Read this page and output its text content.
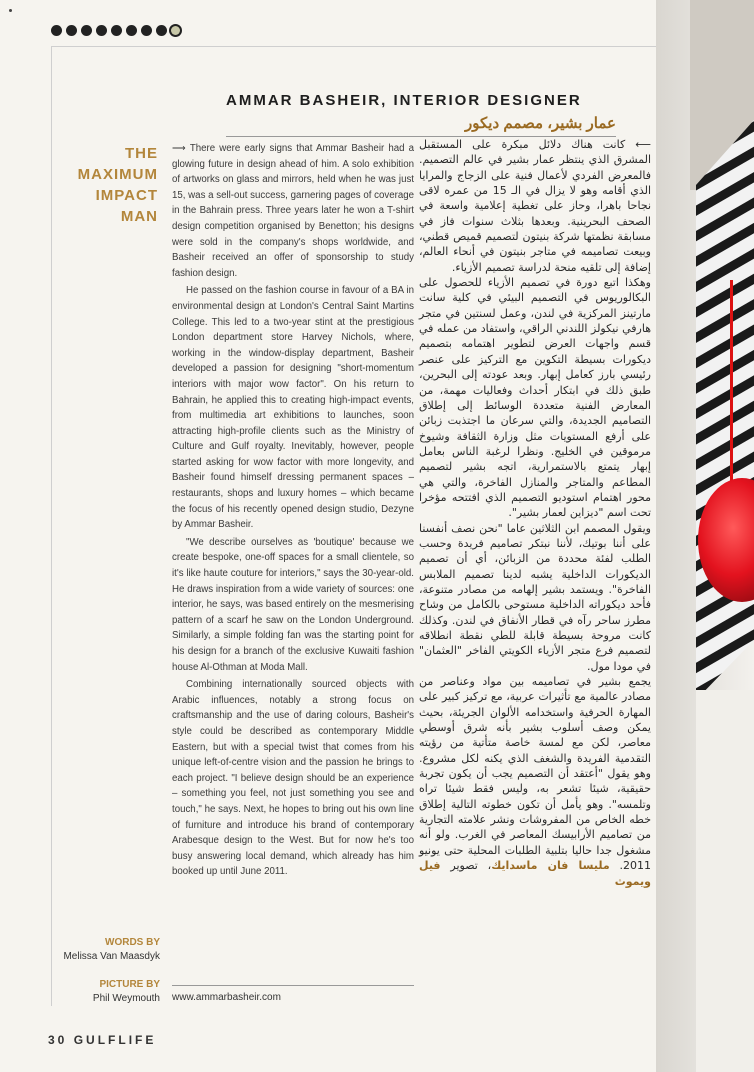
AMMAR BASHEIR, INTERIOR DESIGNER
عمار بشير، مصمم ديكور
THE
MAXIMUM
IMPACT
MAN
WORDS BY
Melissa Van Maasdyk
PICTURE BY
Phil Weymouth

⟶ There were early signs that Ammar Basheir had a glowing future in design ahead of him. A solo exhibition of artworks on glass and mirrors, held when he was just 15, was a sell-out success, garnering pages of coverage in the Bahrain press. Three years later he won a T-shirt design competition organised by Benetton; his designs were sold in the company's shops worldwide, and Basheir received an offer of sponsorship to study fashion design.

He passed on the fashion course in favour of a BA in environmental design at London's Central Saint Martins College. This led to a two-year stint at the prestigious London department store Harvey Nichols, where, working in the window-display department, Basheir developed a passion for designing "short-momentum interiors with major wow factor". On his return to Bahrain, he applied this to creating high-impact events, from multimedia art exhibitions to launches, soon attracting high-profile clients such as the Ministry of Culture and Gulf royalty. Inevitably, however, people started asking for wow factor with more longevity, and Basheir found himself dressing permanent spaces – restaurants, shops and luxury homes – which became the focus of his recently opened design studio, Dezyne by Ammar Basheir.

"We describe ourselves as 'boutique' because we create bespoke, one-off spaces for a small clientele, so it's like haute couture for interiors," says the 30-year-old. He draws inspiration from a wide variety of sources: one interior, he says, was based entirely on the mesmerising pattern of a scarf he saw on the London Underground. Similarly, a simple folding fan was the starting point for his design for a branch of the exclusive Kuwaiti fashion house Al-Othman at Moda Mall.

Combining internationally sourced objects with Arabic influences, notably a strong focus on craftsmanship and the use of daring colours, Basheir's style could be described as contemporary Middle Eastern, but with a special twist that comes from his unique left-of-centre vision and the passion he brings to each project. "I believe design should be an experience – something you feel, not just something you see and touch," he says. Next, he hopes to bring out his own line of furniture and introduce his brand of contemporary Arabesque design to the West. But for now he's too busy answering local demand, which already has him booked up until June 2011.

www.ammarbasheir.com

⟵ كانت هناك دلائل مبكرة على المستقبل المشرق الذي ينتظر عمار بشير في عالم التصميم. فالمعرض الفردي لأعمال فنية على الزجاج والمرايا الذي أقامه وهو لا يزال في الـ 15 من عمره لاقى نجاحا باهرا، وحاز على تغطية إعلامية واسعة في الصحف البحرينية. وبعدها بثلاث سنوات فاز في مسابقة نظمتها شركة بنيتون لتصميم قميص قطني، وبيعت تصاميمه في متاجر بنيتون في أنحاء العالم، إضافة إلى تلقيه منحة لدراسة تصميم الأزياء.

وهكذا اتبع دورة في تصميم الأزياء للحصول على البكالوريوس في التصميم البيئي في كلية سانت مارتينز المركزية في لندن، وعمل لسنتين في متجر هارفي نيكولز اللندني الراقي، واستفاد من عمله في قسم واجهات العرض لتطوير اهتمامه بتصميم ديكورات بسيطة التكوين مع التركيز على عنصر رئيسي بارز كعامل إبهار. وبعد عودته إلى البحرين، طبق ذلك في ابتكار أحداث وفعاليات مهمة، من المعارض الفنية متعددة الوسائط إلى إطلاق التصاميم الجديدة، والتي سرعان ما اجتذبت زبائن على أرفع المستويات مثل وزارة الثقافة وشيوخ مرموقين في الخليج. ونظرا لرغبة الناس بعامل إبهار يتمتع بالاستمرارية، اتجه بشير لتصميم المطاعم والمتاجر والمنازل الفاخرة، والتي هي محور اهتمام استوديو التصميم الذي افتتحه مؤخرا تحت اسم "ديزاين لعمار بشير".

ويقول المصمم ابن الثلاثين عاما "نحن نصف أنفسنا على أننا بوتيك، لأننا نبتكر تصاميم فريدة وحسب الطلب لفئة محددة من الزبائن، أي أن تصميم الديكورات الداخلية يشبه لدينا تصميم الملابس الفاخرة". ويستمد بشير إلهامه من مصادر متنوعة، فأحد ديكوراته الداخلية مستوحى بالكامل من وشاح مطرز ساحر رآه في قطار الأنفاق في لندن. وكذلك كانت مروحة بسيطة قابلة للطي نقطة انطلاقه لتصميم فرع متجر الأزياء الكويتي الفاخر "العثمان" في مودا مول.

يجمع بشير في تصاميمه بين مواد وعناصر من مصادر عالمية مع تأثيرات عربية، مع تركيز كبير على المهارة الحرفية واستخدامه الألوان الجريئة، بحيث يمكن وصف أسلوب بشير بأنه شرق أوسطي معاصر، لكن مع لمسة خاصة متأتية من رؤيته التقدمية الفريدة والشغف الذي يكنه لكل مشروع. وهو يقول "أعتقد أن التصميم يجب أن يكون تجربة حقيقية، شيئا تشعر به، وليس فقط شيئا تراه وتلمسه". وهو يأمل أن تكون خطوته التالية إطلاق خطه الخاص من المفروشات ونشر علامته التجارية من تصاميم الأرابيسك المعاصر في الغرب. ولو أنه مشغول جدا حاليا بتلبية الطلبات المحلية حتى يونيو 2011. مليسا فان ماسدايك، تصوير فيل ويموث

30 GULFLIFE
